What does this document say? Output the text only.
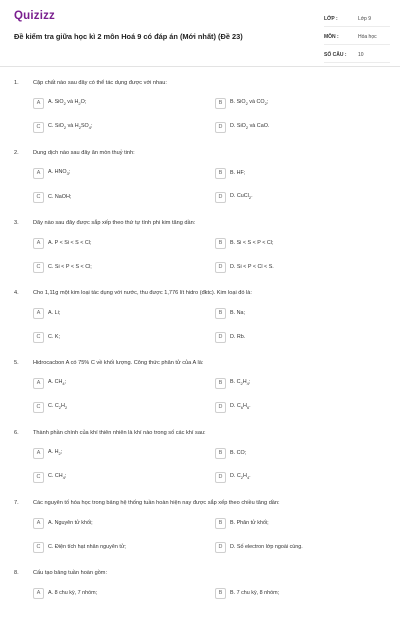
Quizizz
Đề kiểm tra giữa học kì 2 môn Hoá 9 có đáp án (Mới nhất) (Đề 23)
LỚP :	Lớp 9
MÔN :	Hóa học
SỐ CÂU :	10
1.	Cặp chất nào sau đây có thể tác dụng được với nhau:
A	A. SiO$_2$ và $H_2O$;	B	B. SiO$_2$ và $CO_2$;
C	C. SiO$_2$ và $H_2SO_4$;	D	D. SiO$_2$ và CaO.
2.	Dung dịch nào sau đây ăn mòn thuỷ tinh:
A	A. $HNO_3$;	B	B. HF;
C	C. NaOH;	D	D. CuCl$_2$.
3.	Dãy nào sau đây được sắp xếp theo thứ tự tính phi kim tăng dần:
A	A. P < Si < S < Cl;	B	B. Si < S < P < Cl;
C	C. Si < P < S < Cl;	D	D. Si < P < Cl < S.
4.	Cho 1,11g một kim loại tác dụng với nước, thu được 1,776 lít hidro (đktc). Kim loại đó là:
A	A. Li;	B	B. Na;
C	C. K;	D	D. Rb.
5.	Hidrocacbon A có 75% C về khối lượng. Công thức phân tử của A là:
A	A. $CH_4$;	B	B. $C_2H_4$;
C	C. $C_2H_2$	D	D. $C_6H_6$.
6.	Thành phần chính của khí thiên nhiên là khí nào trong số các khí sau:
A	A. $H_2$;	B	B. CO;
C	C. $CH_4$;	D	D. $C_2H_4$.
7.	Các nguyên tố hóa học trong bảng hệ thống tuần hoàn hiện nay được sắp xếp theo chiều tăng dần:
A	A. Nguyên tử khối;	B	B. Phân tử khối;
C	C. Điện tích hạt nhân nguyên tử;	D	D. Số electron lớp ngoài cùng.
8.	Cấu tạo bảng tuần hoàn gồm:
A	A. 8 chu kỳ, 7 nhóm;	B	B. 7 chu kỳ, 8 nhóm;
